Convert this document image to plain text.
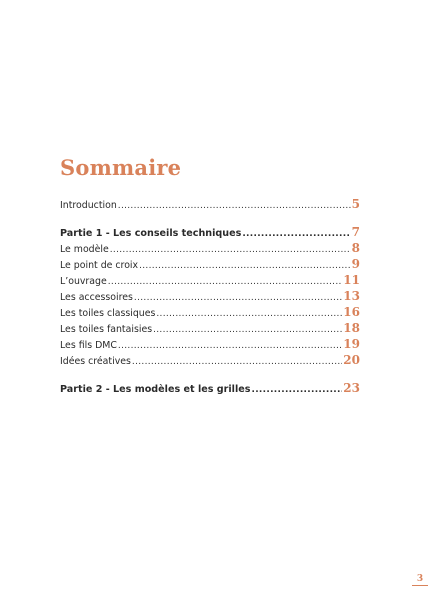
Sommaire
Introduction .....	5
Partie 1 - Les conseils techniques .....	7
Le modèle .....	8
Le point de croix .....	9
L’ouvrage .....	11
Les accessoires .....	13
Les toiles classiques .....	16
Les toiles fantaisies .....	18
Les fils DMC .....	19
Idées créatives .....	20
Partie 2 - Les modèles et les grilles .....	23
3
